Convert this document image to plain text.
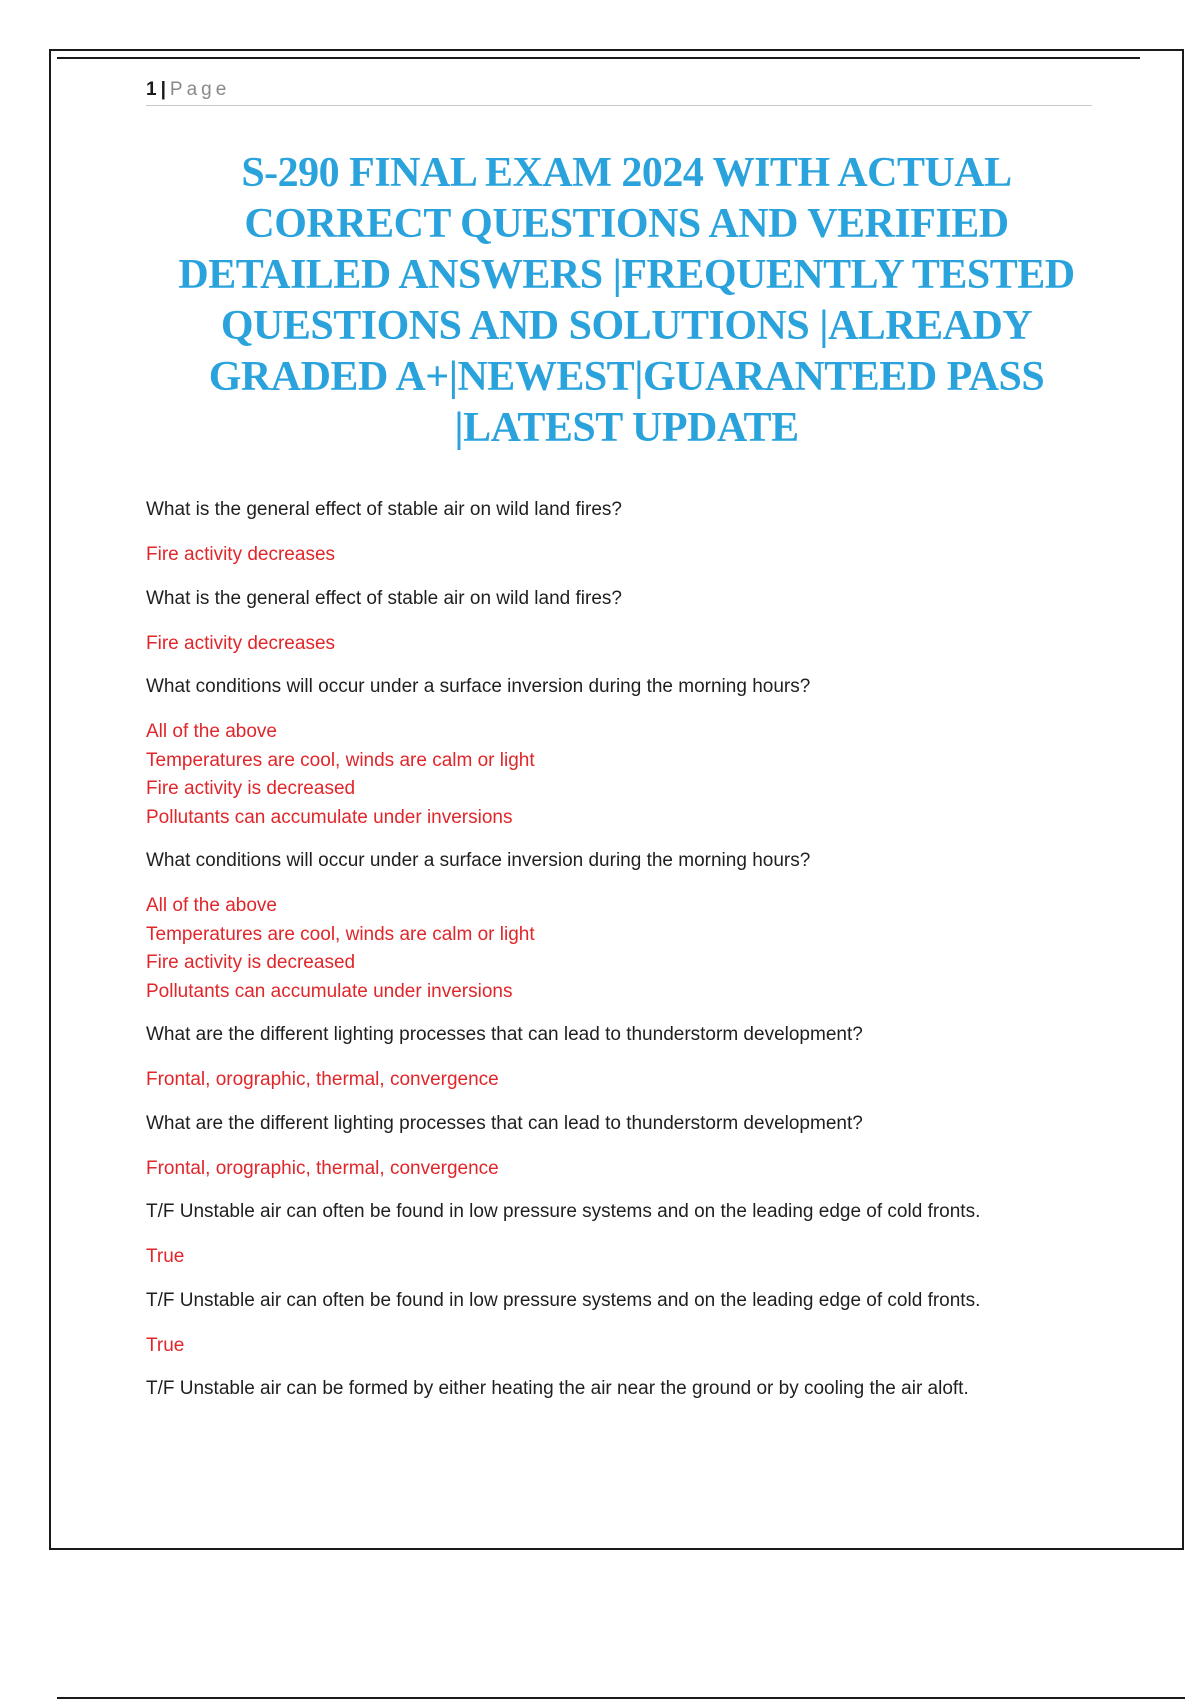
1 | Page
S-290 FINAL EXAM 2024 WITH ACTUAL CORRECT QUESTIONS AND VERIFIED DETAILED ANSWERS |FREQUENTLY TESTED QUESTIONS AND SOLUTIONS |ALREADY GRADED A+|NEWEST|GUARANTEED PASS |LATEST UPDATE

What is the general effect of stable air on wild land fires?

Fire activity decreases

What is the general effect of stable air on wild land fires?

Fire activity decreases

What conditions will occur under a surface inversion during the morning hours?

All of the above

Temperatures are cool, winds are calm or light

Fire activity is decreased

Pollutants can accumulate under inversions

What conditions will occur under a surface inversion during the morning hours?

All of the above

Temperatures are cool, winds are calm or light

Fire activity is decreased

Pollutants can accumulate under inversions

What are the different lighting processes that can lead to thunderstorm development?

Frontal, orographic, thermal, convergence

What are the different lighting processes that can lead to thunderstorm development?

Frontal, orographic, thermal, convergence

T/F Unstable air can often be found in low pressure systems and on the leading edge of cold fronts.

True

T/F Unstable air can often be found in low pressure systems and on the leading edge of cold fronts.

True

T/F Unstable air can be formed by either heating the air near the ground or by cooling the air aloft.
